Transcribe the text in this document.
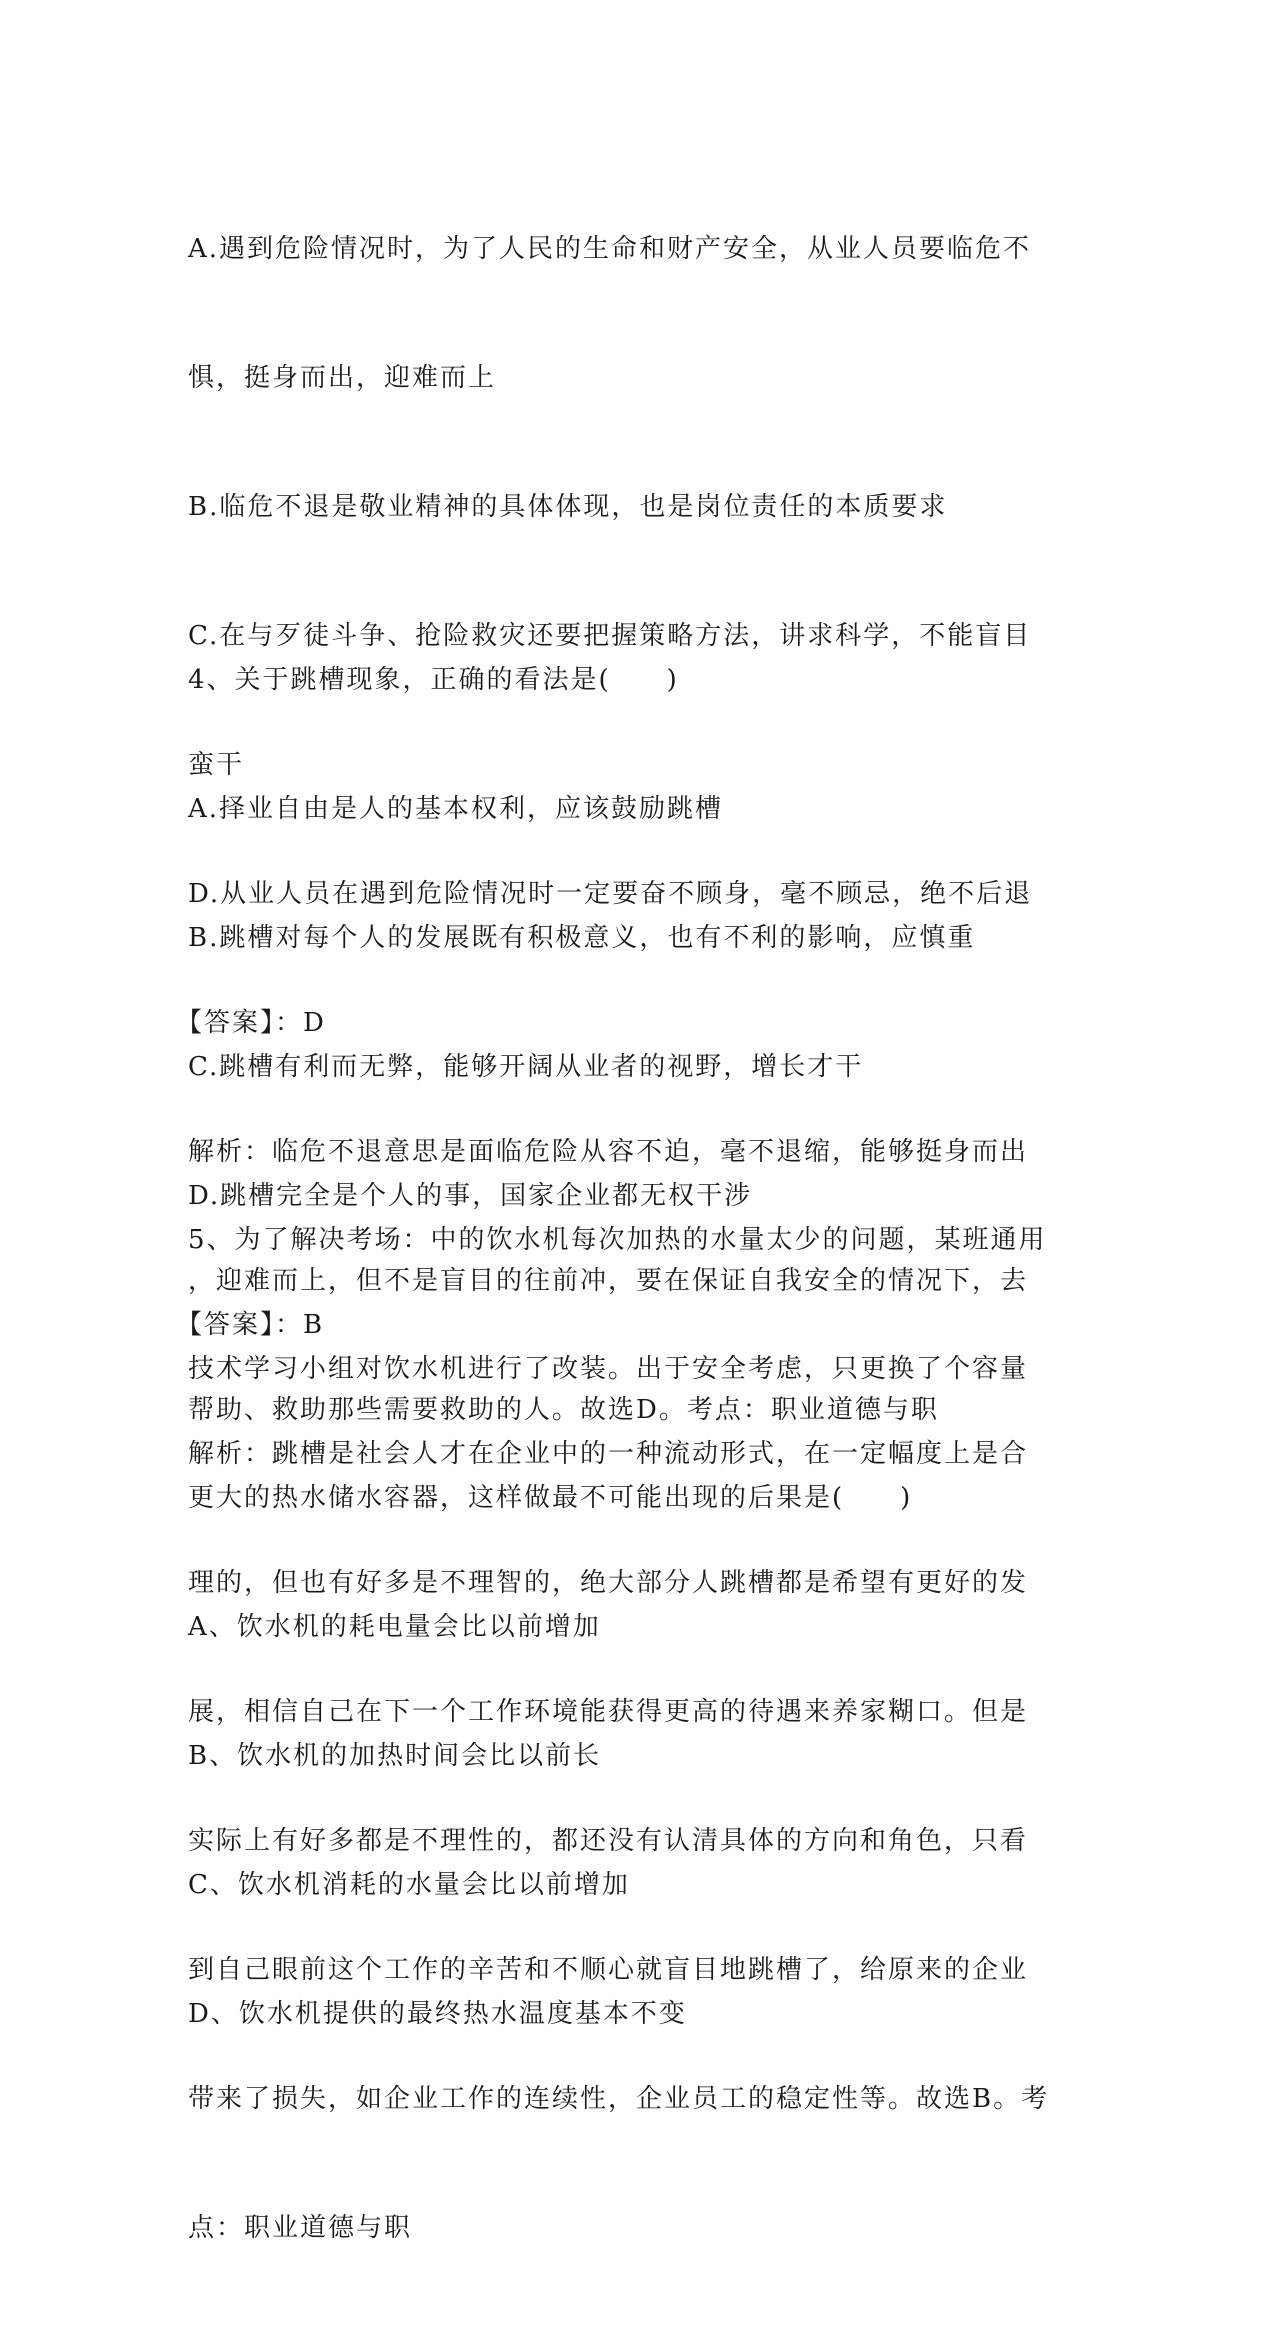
A.遇到危险情况时，为了人民的生命和财产安全，从业人员要临危不

惧，挺身而出，迎难而上

B.临危不退是敬业精神的具体体现，也是岗位责任的本质要求

C.在与歹徒斗争、抢险救灾还要把握策略方法，讲求科学，不能盲目

蛮干

D.从业人员在遇到危险情况时一定要奋不顾身，毫不顾忌，绝不后退

【答案】：D

解析：临危不退意思是面临危险从容不迫，毫不退缩，能够挺身而出

，迎难而上，但不是盲目的往前冲，要在保证自我安全的情况下，去

帮助、救助那些需要救助的人。故选D。考点：职业道德与职

4、关于跳槽现象，正确的看法是(　　)

A.择业自由是人的基本权利，应该鼓励跳槽

B.跳槽对每个人的发展既有积极意义，也有不利的影响，应慎重

C.跳槽有利而无弊，能够开阔从业者的视野，增长才干

D.跳槽完全是个人的事，国家企业都无权干涉

【答案】：B

解析：跳槽是社会人才在企业中的一种流动形式，在一定幅度上是合

理的，但也有好多是不理智的，绝大部分人跳槽都是希望有更好的发

展，相信自己在下一个工作环境能获得更高的待遇来养家糊口。但是

实际上有好多都是不理性的，都还没有认清具体的方向和角色，只看

到自己眼前这个工作的辛苦和不顺心就盲目地跳槽了，给原来的企业

带来了损失，如企业工作的连续性，企业员工的稳定性等。故选B。考

点：职业道德与职

5、为了解决考场：中的饮水机每次加热的水量太少的问题，某班通用

技术学习小组对饮水机进行了改装。出于安全考虑，只更换了个容量

更大的热水储水容器，这样做最不可能出现的后果是(　　)

A、饮水机的耗电量会比以前增加

B、饮水机的加热时间会比以前长

C、饮水机消耗的水量会比以前增加

D、饮水机提供的最终热水温度基本不变
